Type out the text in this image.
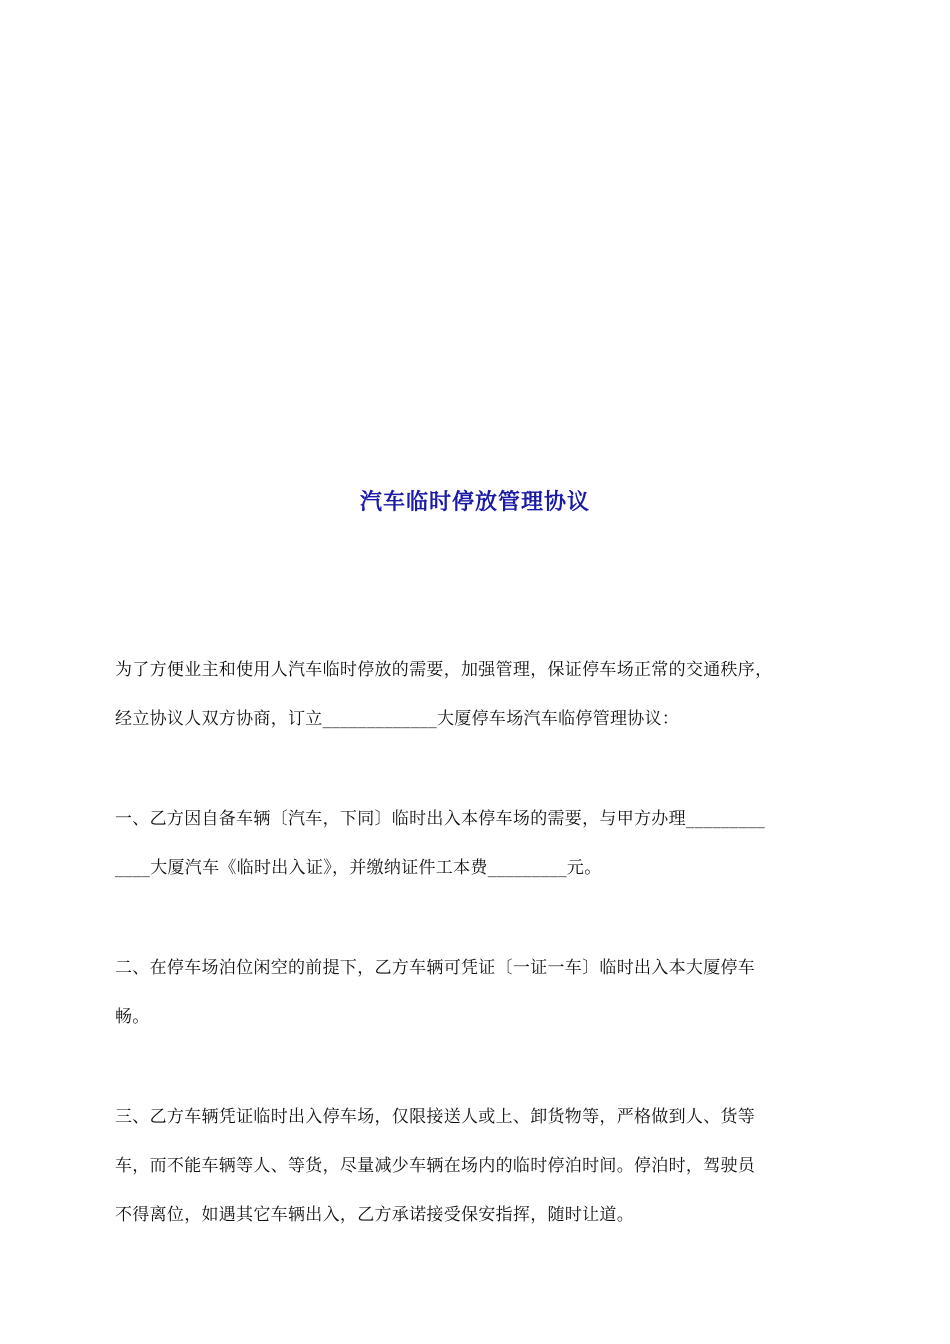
汽车临时停放管理协议
为了方便业主和使用人汽车临时停放的需要，加强管理，保证停车场正常的交通秩序，
经立协议人双方协商，订立_____________大厦停车场汽车临停管理协议：
一、乙方因自备车辆〔汽车，下同〕临时出入本停车场的需要，与甲方办理_________
____大厦汽车《临时出入证》，并缴纳证件工本费_________元。
二、在停车场泊位闲空的前提下，乙方车辆可凭证〔一证一车〕临时出入本大厦停车
畅。
三、乙方车辆凭证临时出入停车场，仅限接送人或上、卸货物等，严格做到人、货等
车，而不能车辆等人、等货，尽量减少车辆在场内的临时停泊时间。停泊时，驾驶员
不得离位，如遇其它车辆出入，乙方承诺接受保安指挥，随时让道。
